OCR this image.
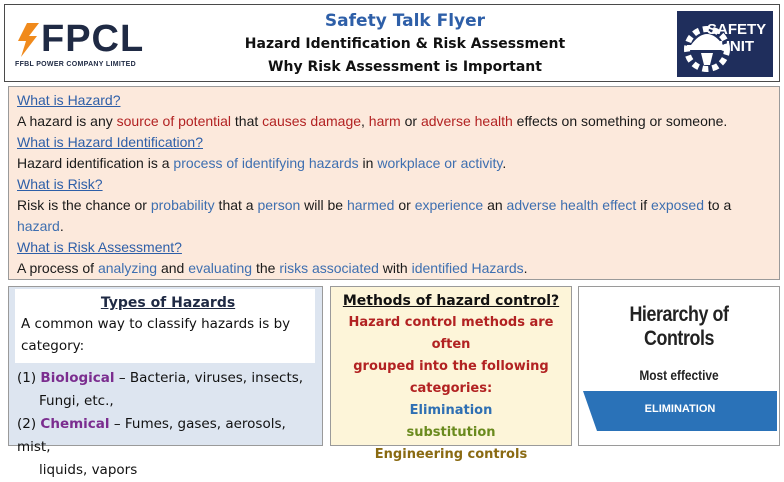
FPCL
FFBL POWER COMPANY LIMITED
Safety Talk Flyer
Hazard Identification & Risk Assessment
Why Risk Assessment is Important
SAFETY
UNIT
What is Hazard?
A hazard is any source of potential that causes damage, harm or adverse health effects on something or someone.
What is Hazard Identification?
Hazard identification is a process of identifying hazards in workplace or activity.
What is Risk?
Risk is the chance or probability that a person will be harmed or experience an adverse health effect if exposed to a
hazard.
What is Risk Assessment?
A process of analyzing and evaluating the risks associated with identified Hazards.
Types of Hazards
A common way to classify hazards is by
category:
(1) Biological – Bacteria, viruses, insects,
Fungi, etc.,
(2) Chemical – Fumes, gases, aerosols, mist,
liquids, vapors
Methods of hazard control?
Hazard control methods are often
grouped into the following
categories:
Elimination
substitution
Engineering controls
Hierarchy of Controls
Most effective
ELIMINATION
